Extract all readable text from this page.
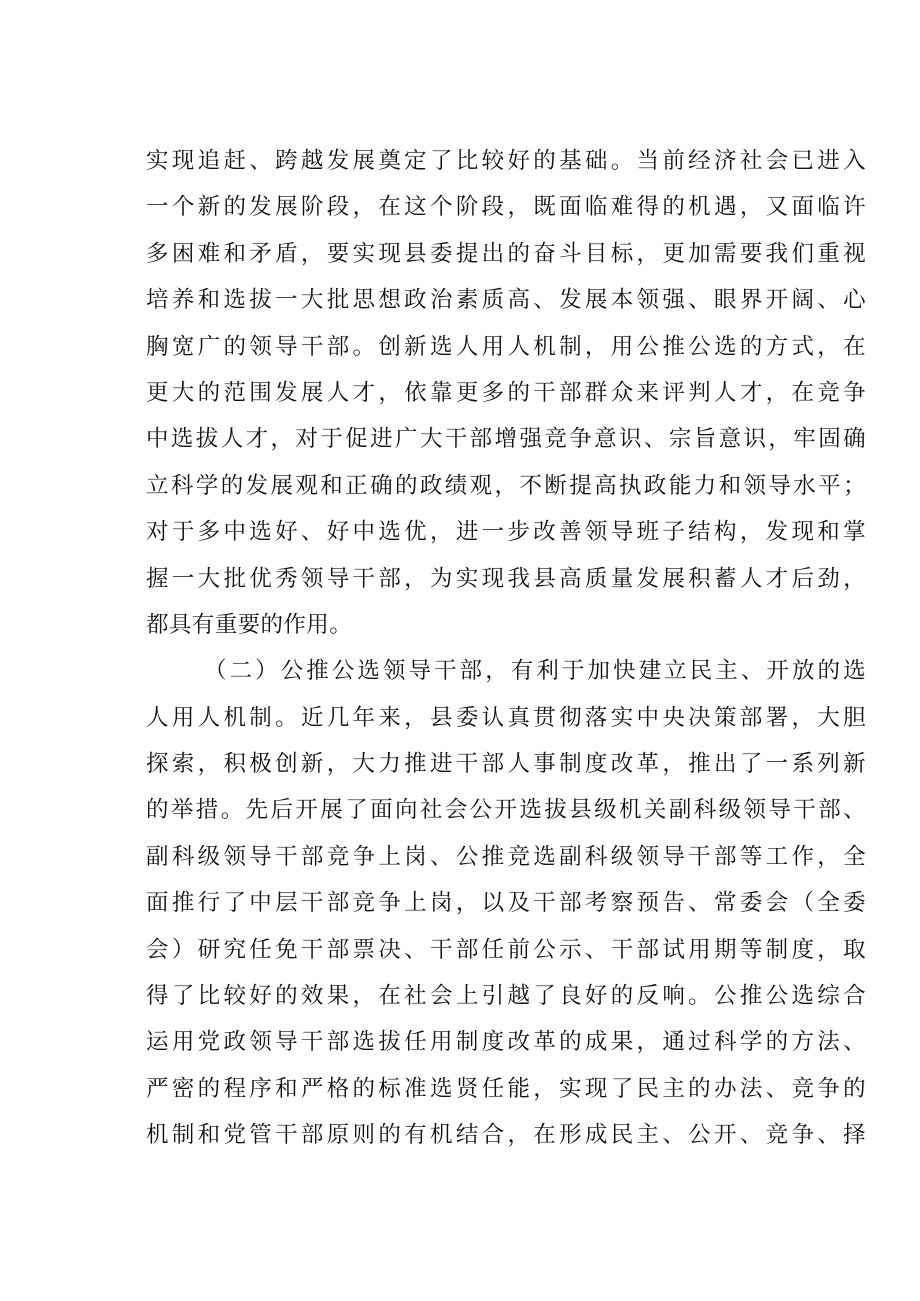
实现追赶、跨越发展奠定了比较好的基础。当前经济社会已进入
一个新的发展阶段，在这个阶段，既面临难得的机遇，又面临许
多困难和矛盾，要实现县委提出的奋斗目标，更加需要我们重视
培养和选拔一大批思想政治素质高、发展本领强、眼界开阔、心
胸宽广的领导干部。创新选人用人机制，用公推公选的方式，在
更大的范围发展人才，依靠更多的干部群众来评判人才，在竞争
中选拔人才，对于促进广大干部增强竞争意识、宗旨意识，牢固确
立科学的发展观和正确的政绩观，不断提高执政能力和领导水平；
对于多中选好、好中选优，进一步改善领导班子结构，发现和掌
握一大批优秀领导干部，为实现我县高质量发展积蓄人才后劲，
都具有重要的作用。
（二）公推公选领导干部，有利于加快建立民主、开放的选
人用人机制。近几年来，县委认真贯彻落实中央决策部署，大胆
探索，积极创新，大力推进干部人事制度改革，推出了一系列新
的举措。先后开展了面向社会公开选拔县级机关副科级领导干部、
副科级领导干部竞争上岗、公推竞选副科级领导干部等工作，全
面推行了中层干部竞争上岗，以及干部考察预告、常委会（全委
会）研究任免干部票决、干部任前公示、干部试用期等制度，取
得了比较好的效果，在社会上引越了良好的反响。公推公选综合
运用党政领导干部选拔任用制度改革的成果，通过科学的方法、
严密的程序和严格的标准选贤任能，实现了民主的办法、竞争的
机制和党管干部原则的有机结合，在形成民主、公开、竞争、择
